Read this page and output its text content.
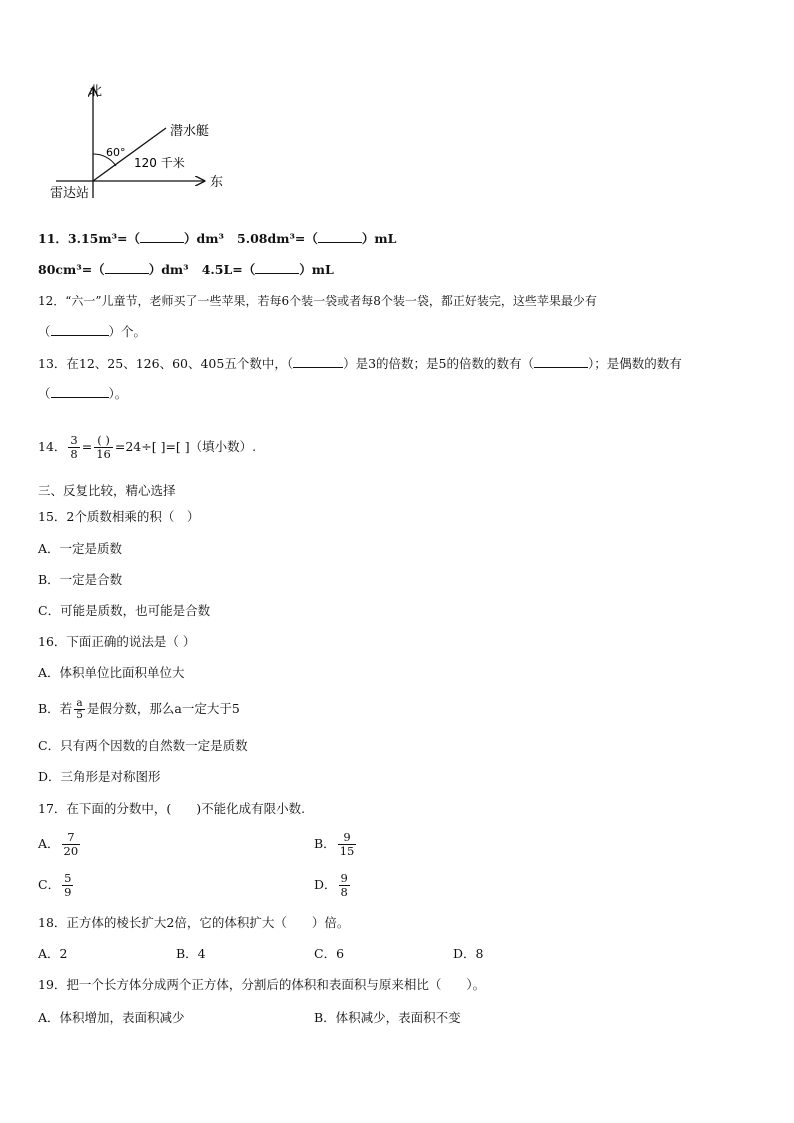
北
东
潜水艇
雷达站
60°
120 千米
11．3.15m³=（	）dm³ 5.08dm³=（	）mL
80cm³=（	）dm³ 4.5L=（	）mL
12．“六一”儿童节，老师买了一些苹果，若每6个装一袋或者每8个装一袋，都正好装完，这些苹果最少有
（	）个。
13．在12、25、126、60、405五个数中，（	）是3的倍数；是5的倍数的数有（	）；是偶数的数有
（	）。
14． $\frac{3}{8} = \frac{( )}{16} =24\div$[ ]=[ ]（填小数）.
三、反复比较，精心选择
15．2个质数相乘的积（　）
A．一定是质数
B．一定是合数
C．可能是质数，也可能是合数
16．下面正确的说法是（ ）
A．体积单位比面积单位大
B．若 $\frac{a}{5}$ 是假分数，那么a一定大于5
C．只有两个因数的自然数一定是质数
D．三角形是对称图形
17．在下面的分数中，(　　)不能化成有限小数.
A． $\frac{7}{20}$	B． $\frac{9}{15}$
C． $\frac{5}{9}$	D． $\frac{9}{8}$
18．正方体的棱长扩大2倍，它的体积扩大（　　）倍。
A．2	B．4	C．6	D．8
19．把一个长方体分成两个正方体，分割后的体积和表面积与原来相比（　　）。
A．体积增加，表面积减少	B．体积减少，表面积不变
